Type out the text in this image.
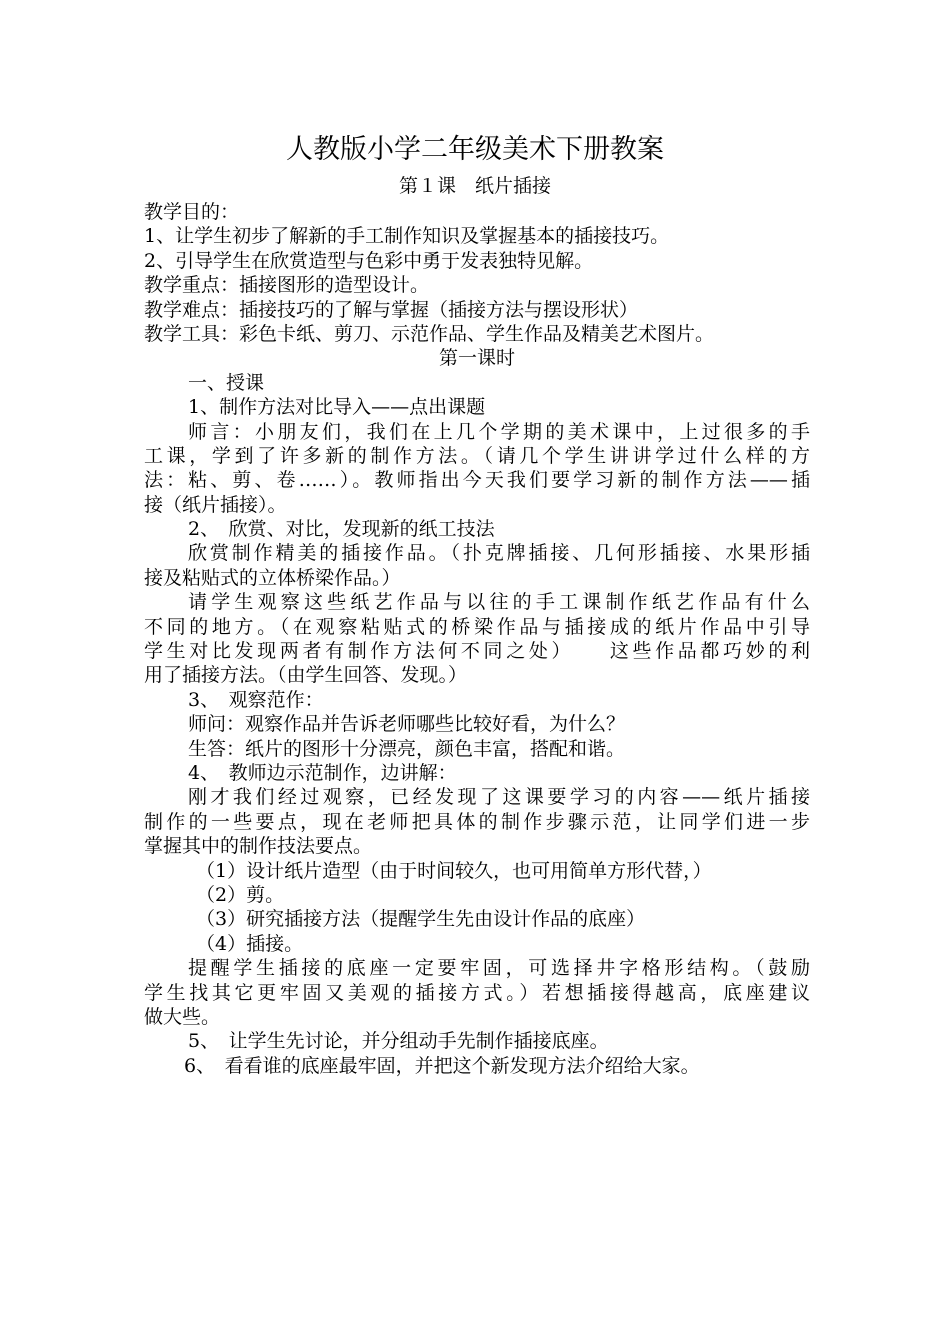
人教版小学二年级美术下册教案
第１课　纸片插接
教学目的：
1、让学生初步了解新的手工制作知识及掌握基本的插接技巧。
2、引导学生在欣赏造型与色彩中勇于发表独特见解。
教学重点：插接图形的造型设计。
教学难点：插接技巧的了解与掌握（插接方法与摆设形状）
教学工具：彩色卡纸、剪刀、示范作品、学生作品及精美艺术图片。
第一课时
一、授课
1、制作方法对比导入——点出课题
师言：小朋友们，我们在上几个学期的美术课中，上过很多的手
工课，学到了许多新的制作方法。（请几个学生讲讲学过什么样的方
法：粘、剪、卷……）。教师指出今天我们要学习新的制作方法——插
接（纸片插接）。
2、　欣赏、对比，发现新的纸工技法
欣赏制作精美的插接作品。（扑克牌插接、几何形插接、水果形插
接及粘贴式的立体桥梁作品。）
请学生观察这些纸艺作品与以往的手工课制作纸艺作品有什么
不同的地方。（在观察粘贴式的桥梁作品与插接成的纸片作品中引导
学生对比发现两者有制作方法何不同之处）　　这些作品都巧妙的利
用了插接方法。（由学生回答、发现。）
3、　观察范作：
师问：观察作品并告诉老师哪些比较好看，为什么？
生答：纸片的图形十分漂亮，颜色丰富，搭配和谐。
4、　教师边示范制作，边讲解：
刚才我们经过观察，已经发现了这课要学习的内容——纸片插接
制作的一些要点，现在老师把具体的制作步骤示范，让同学们进一步
掌握其中的制作技法要点。
（1）设计纸片造型（由于时间较久，也可用简单方形代替，）
（2）剪。
（3）研究插接方法（提醒学生先由设计作品的底座）
（4）插接。
提醒学生插接的底座一定要牢固，可选择井字格形结构。（鼓励
学生找其它更牢固又美观的插接方式。）若想插接得越高，底座建议
做大些。
5、　让学生先讨论，并分组动手先制作插接底座。
6、　看看谁的底座最牢固，并把这个新发现方法介绍给大家。
